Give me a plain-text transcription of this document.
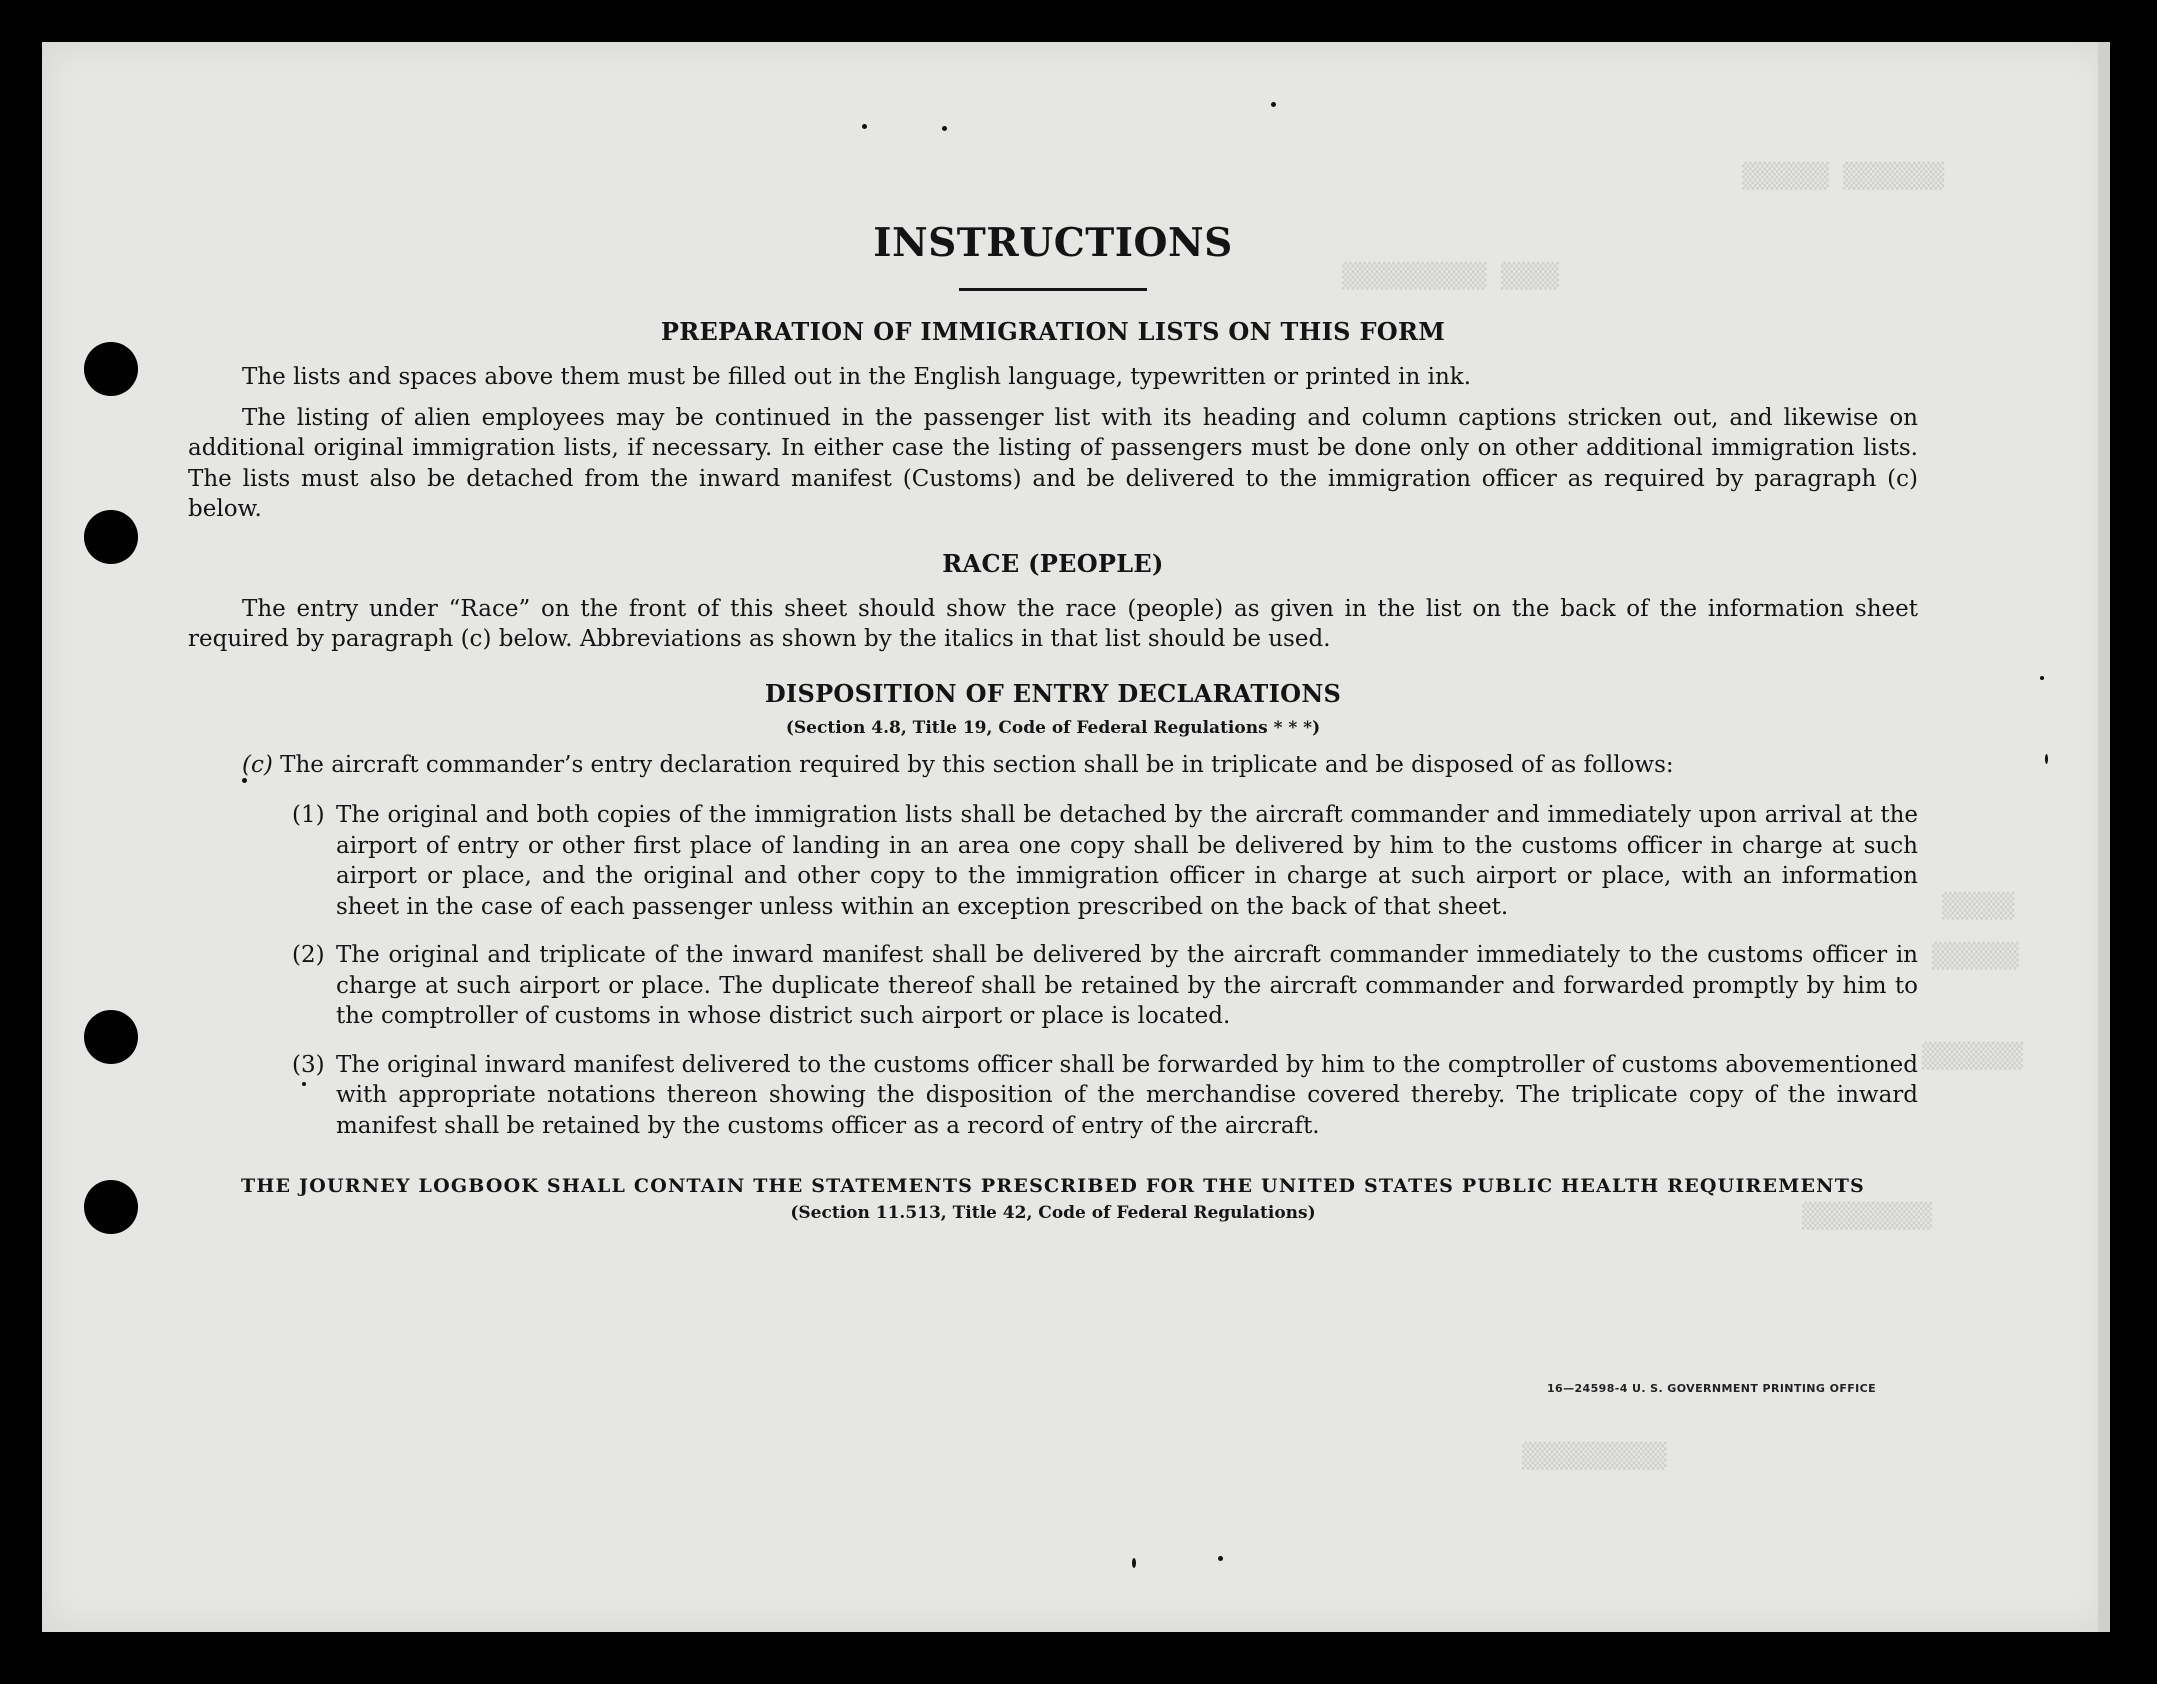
▒▒▒▒▒▒▒ ▒▒▒▒▒▒
▒▒▒▒ ▒▒▒▒▒▒▒▒▒▒
▒▒▒▒▒
▒▒▒▒▒▒
▒▒▒▒▒▒▒
▒▒▒▒▒▒▒▒▒
▒▒▒▒▒▒▒▒▒▒
16—24598-4 U. S. GOVERNMENT PRINTING OFFICE
INSTRUCTIONS
PREPARATION OF IMMIGRATION LISTS ON THIS FORM

The lists and spaces above them must be filled out in the English language, typewritten or printed in ink.

The listing of alien employees may be continued in the passenger list with its heading and column captions stricken out, and likewise on additional original immigration lists, if necessary. In either case the listing of passengers must be done only on other additional immigration lists. The lists must also be detached from the inward manifest (Customs) and be delivered to the immigration officer as required by paragraph (c) below.

RACE (PEOPLE)

The entry under “Race” on the front of this sheet should show the race (people) as given in the list on the back of the information sheet required by paragraph (c) below. Abbreviations as shown by the italics in that list should be used.

DISPOSITION OF ENTRY DECLARATIONS
(Section 4.8, Title 19, Code of Federal Regulations * * *)

(c) The aircraft commander’s entry declaration required by this section shall be in triplicate and be disposed of as follows:

(1) The original and both copies of the immigration lists shall be detached by the aircraft commander and immediately upon arrival at the airport of entry or other first place of landing in an area one copy shall be delivered by him to the customs officer in charge at such airport or place, and the original and other copy to the immigration officer in charge at such airport or place, with an information sheet in the case of each passenger unless within an exception prescribed on the back of that sheet.

(2) The original and triplicate of the inward manifest shall be delivered by the aircraft commander immediately to the customs officer in charge at such airport or place. The duplicate thereof shall be retained by the aircraft commander and forwarded promptly by him to the comptroller of customs in whose district such airport or place is located.

(3) The original inward manifest delivered to the customs officer shall be forwarded by him to the comptroller of customs abovementioned with appropriate notations thereon showing the disposition of the merchandise covered thereby. The triplicate copy of the inward manifest shall be retained by the customs officer as a record of entry of the aircraft.

THE JOURNEY LOGBOOK SHALL CONTAIN THE STATEMENTS PRESCRIBED FOR THE UNITED STATES PUBLIC HEALTH REQUIREMENTS
(Section 11.513, Title 42, Code of Federal Regulations)
